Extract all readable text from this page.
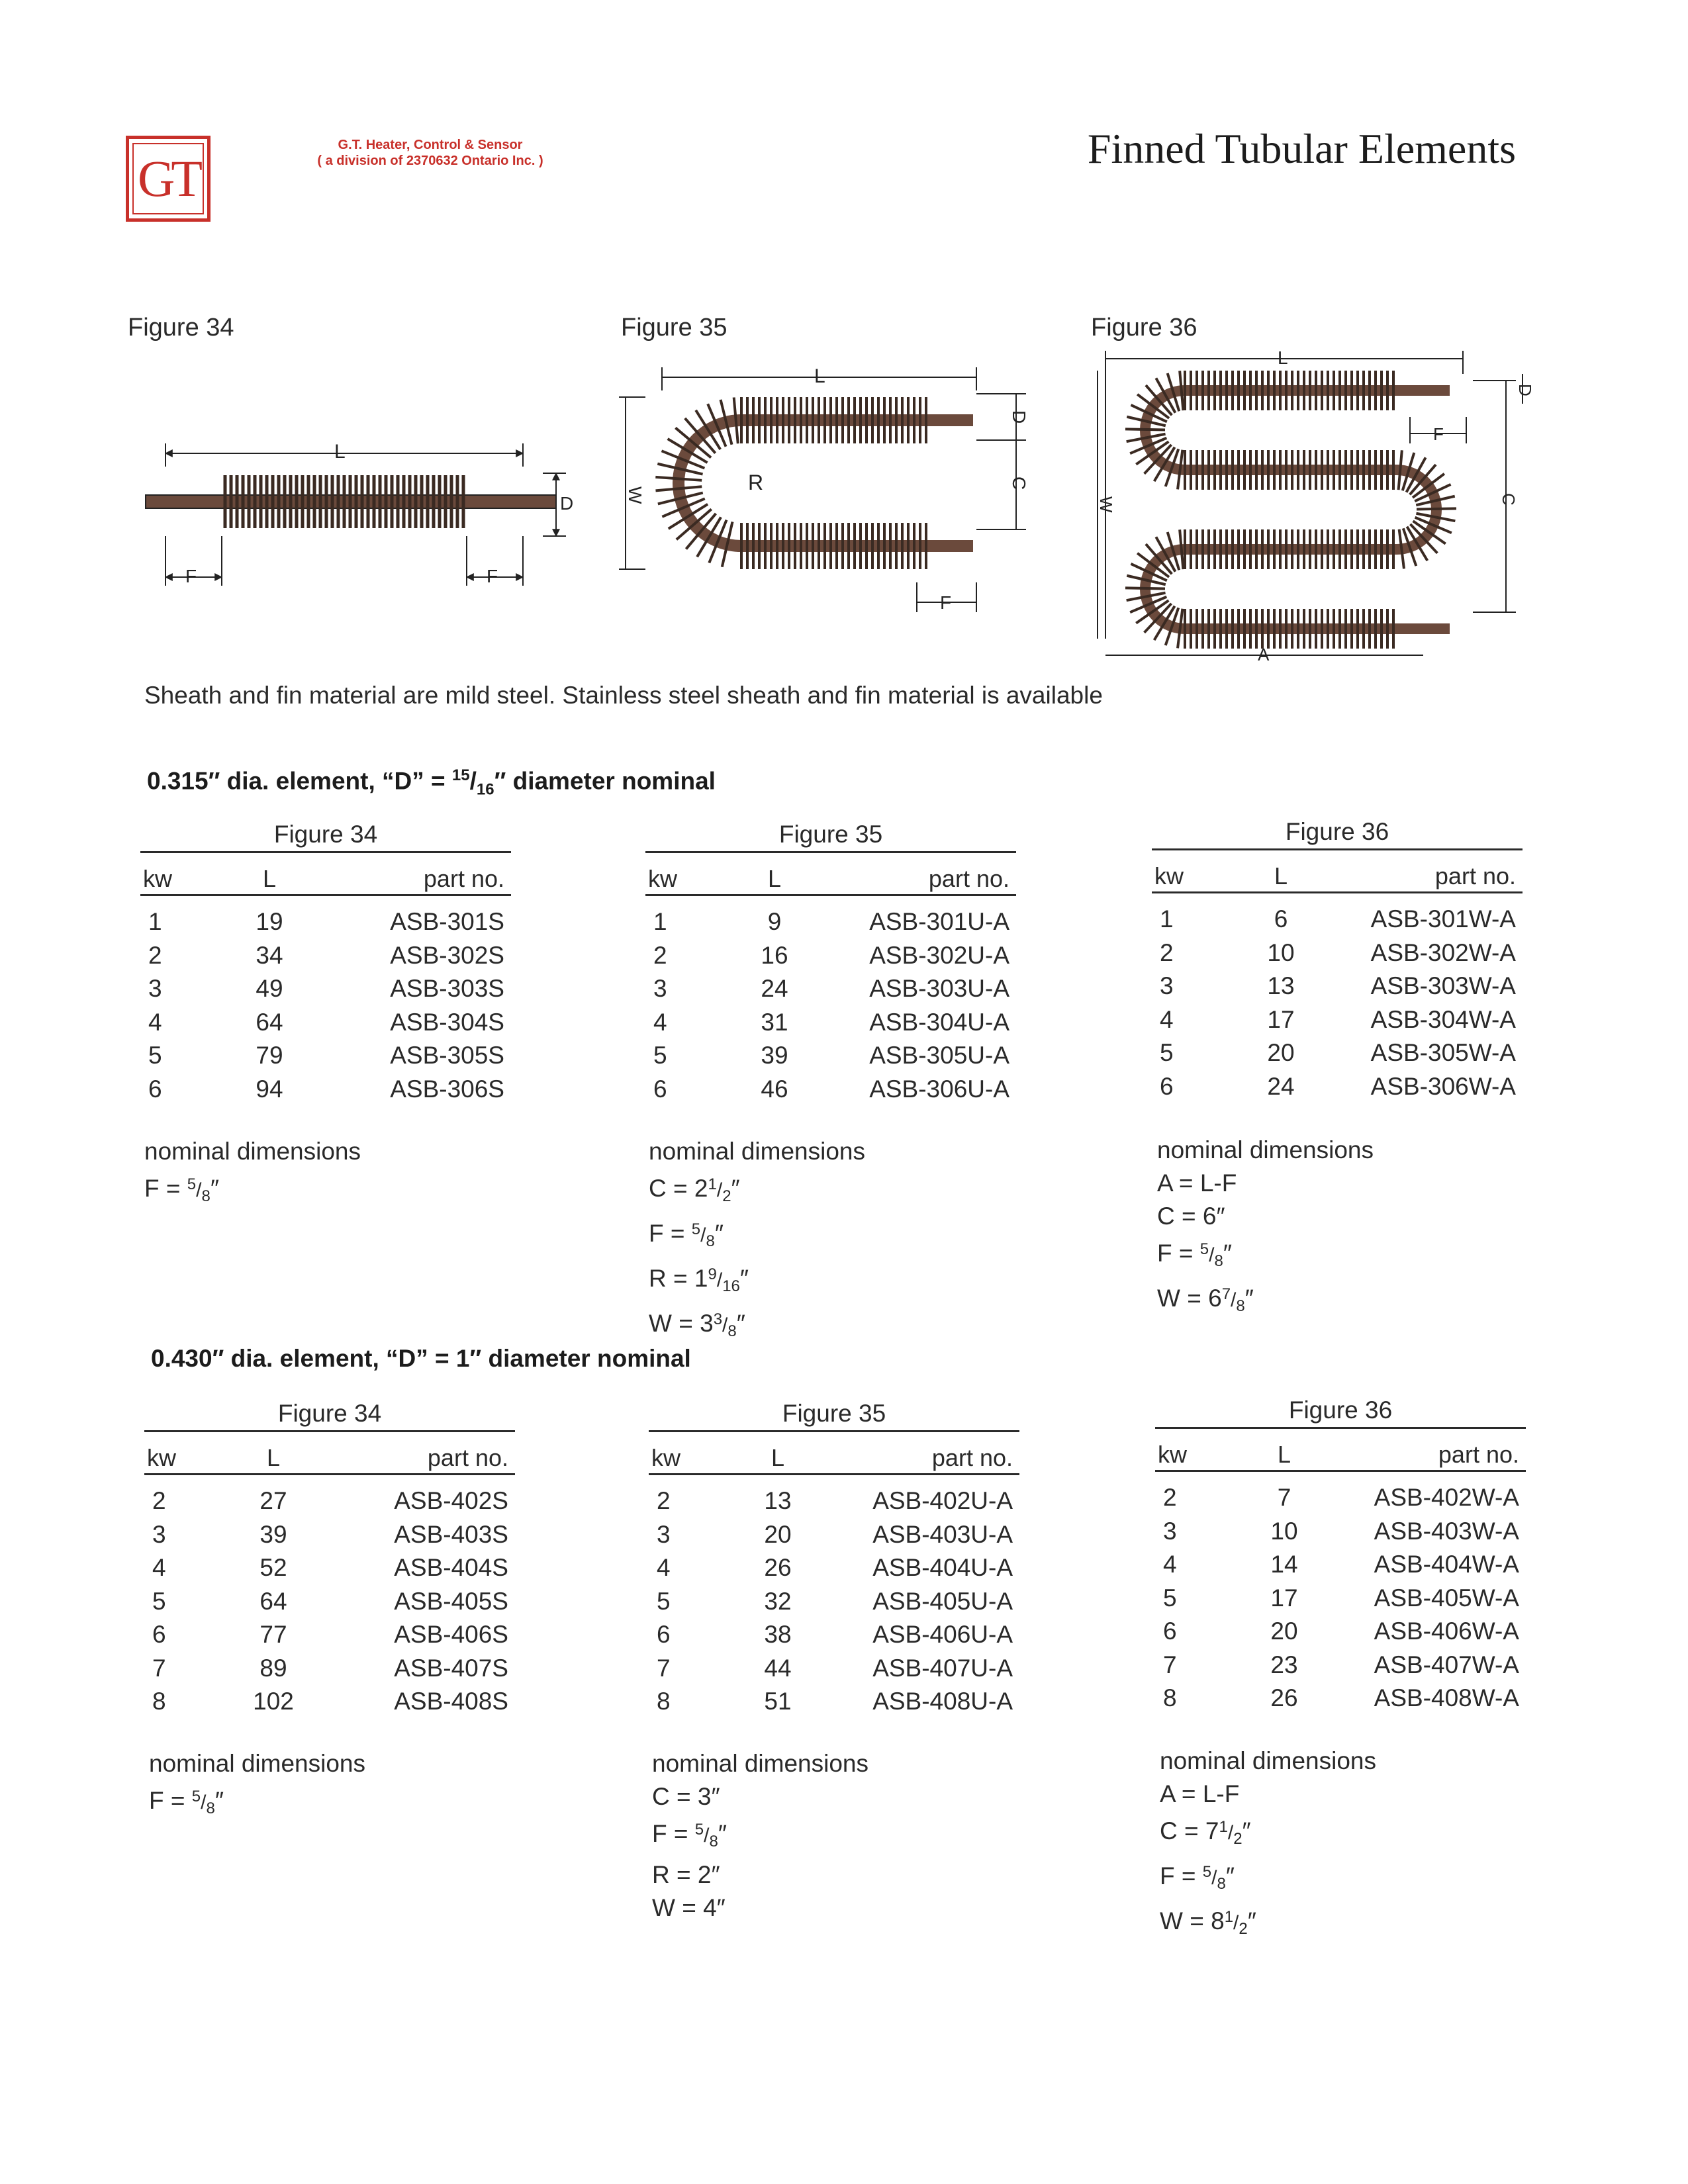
GT
G.T. Heater, Control & Sensor
( a division of 2370632 Ontario Inc. )	Finned Tubular Elements
Figure 34	Figure 35	Figure 36
L
F	F
D
L
W
R	C
D
F
L
W	C
D
F
A
Sheath and fin material are mild steel. Stainless steel sheath and fin material is available
0.315″ dia. element, “D” = $^{15}/_{16}''$ diameter nominal
Figure 34
kw	L	part no.
1	19	ASB-301S
2	34	ASB-302S
3	49	ASB-303S
4	64	ASB-304S
5	79	ASB-305S
6	94	ASB-306S
Figure 35
kw	L	part no.
1	9	ASB-301U-A
2	16	ASB-302U-A
3	24	ASB-303U-A
4	31	ASB-304U-A
5	39	ASB-305U-A
6	46	ASB-306U-A
Figure 36
kw	L	part no.
1	6	ASB-301W-A
2	10	ASB-302W-A
3	13	ASB-303W-A
4	17	ASB-304W-A
5	20	ASB-305W-A
6	24	ASB-306W-A
nominal dimensions
$F = ^5/_8''$
nominal dimensions
$C = 2^1/_2''$
$F = ^5/_8''$
$R = 1^9/_{16}''$
$W = 3^3/_8''$
nominal dimensions
A = L-F
C = 6″
$F = ^5/_8''$
$W = 6^7/_8''$
0.430″ dia. element, “D” = 1″ diameter nominal
Figure 34
kw	L	part no.
2	27	ASB-402S
3	39	ASB-403S
4	52	ASB-404S
5	64	ASB-405S
6	77	ASB-406S
7	89	ASB-407S
8	102	ASB-408S
Figure 35
kw	L	part no.
2	13	ASB-402U-A
3	20	ASB-403U-A
4	26	ASB-404U-A
5	32	ASB-405U-A
6	38	ASB-406U-A
7	44	ASB-407U-A
8	51	ASB-408U-A
Figure 36
kw	L	part no.
2	7	ASB-402W-A
3	10	ASB-403W-A
4	14	ASB-404W-A
5	17	ASB-405W-A
6	20	ASB-406W-A
7	23	ASB-407W-A
8	26	ASB-408W-A
nominal dimensions
$F = ^5/_8''$
nominal dimensions
C = 3″
$F = ^5/_8''$
R = 2″
W = 4″
nominal dimensions
A = L-F
$C = 7^1/_2''$
$F = ^5/_8''$
$W = 8^1/_2''$
